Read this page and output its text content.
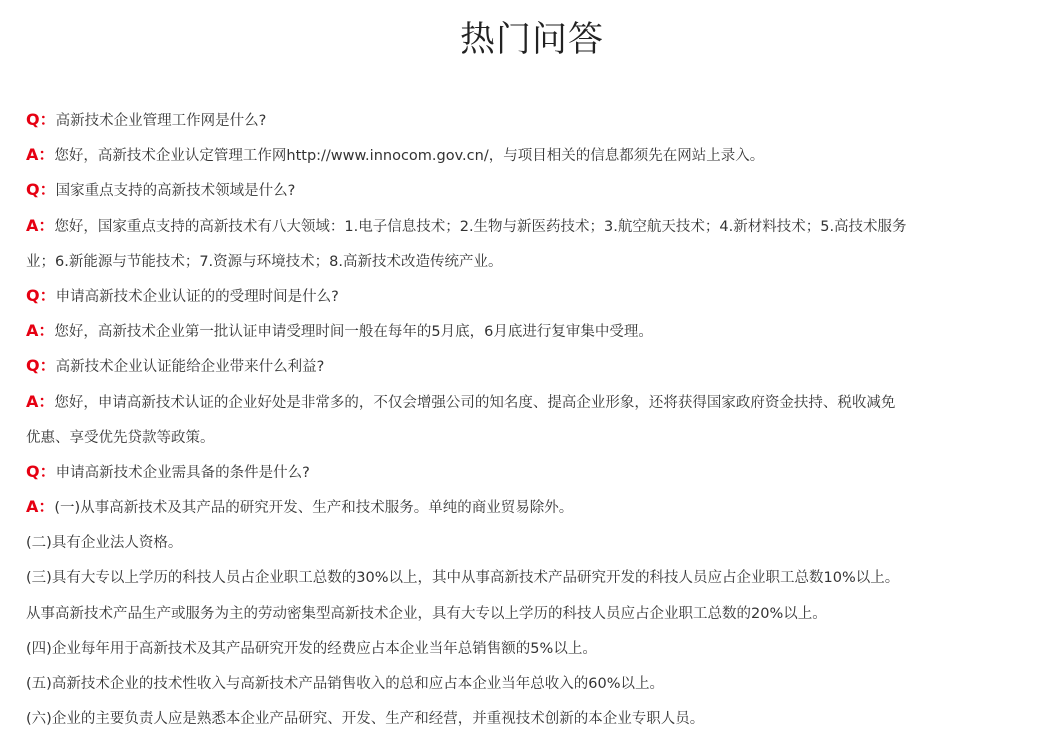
热门问答

Q：高新技术企业管理工作网是什么?

A：您好，高新技术企业认定管理工作网http://www.innocom.gov.cn/，与项目相关的信息都须先在网站上录入。

Q：国家重点支持的高新技术领域是什么?

A：您好，国家重点支持的高新技术有八大领域：1.电子信息技术；2.生物与新医药技术；3.航空航天技术；4.新材料技术；5.高技术服务

业；6.新能源与节能技术；7.资源与环境技术；8.高新技术改造传统产业。

Q：申请高新技术企业认证的的受理时间是什么?

A：您好，高新技术企业第一批认证申请受理时间一般在每年的5月底，6月底进行复审集中受理。

Q：高新技术企业认证能给企业带来什么利益?

A：您好，申请高新技术认证的企业好处是非常多的，不仅会增强公司的知名度、提高企业形象，还将获得国家政府资金扶持、税收减免

优惠、享受优先贷款等政策。

Q：申请高新技术企业需具备的条件是什么?

A：(一)从事高新技术及其产品的研究开发、生产和技术服务。单纯的商业贸易除外。

(二)具有企业法人资格。

(三)具有大专以上学历的科技人员占企业职工总数的30%以上，其中从事高新技术产品研究开发的科技人员应占企业职工总数10%以上。

从事高新技术产品生产或服务为主的劳动密集型高新技术企业，具有大专以上学历的科技人员应占企业职工总数的20%以上。

(四)企业每年用于高新技术及其产品研究开发的经费应占本企业当年总销售额的5%以上。

(五)高新技术企业的技术性收入与高新技术产品销售收入的总和应占本企业当年总收入的60%以上。

(六)企业的主要负责人应是熟悉本企业产品研究、开发、生产和经营，并重视技术创新的本企业专职人员。
